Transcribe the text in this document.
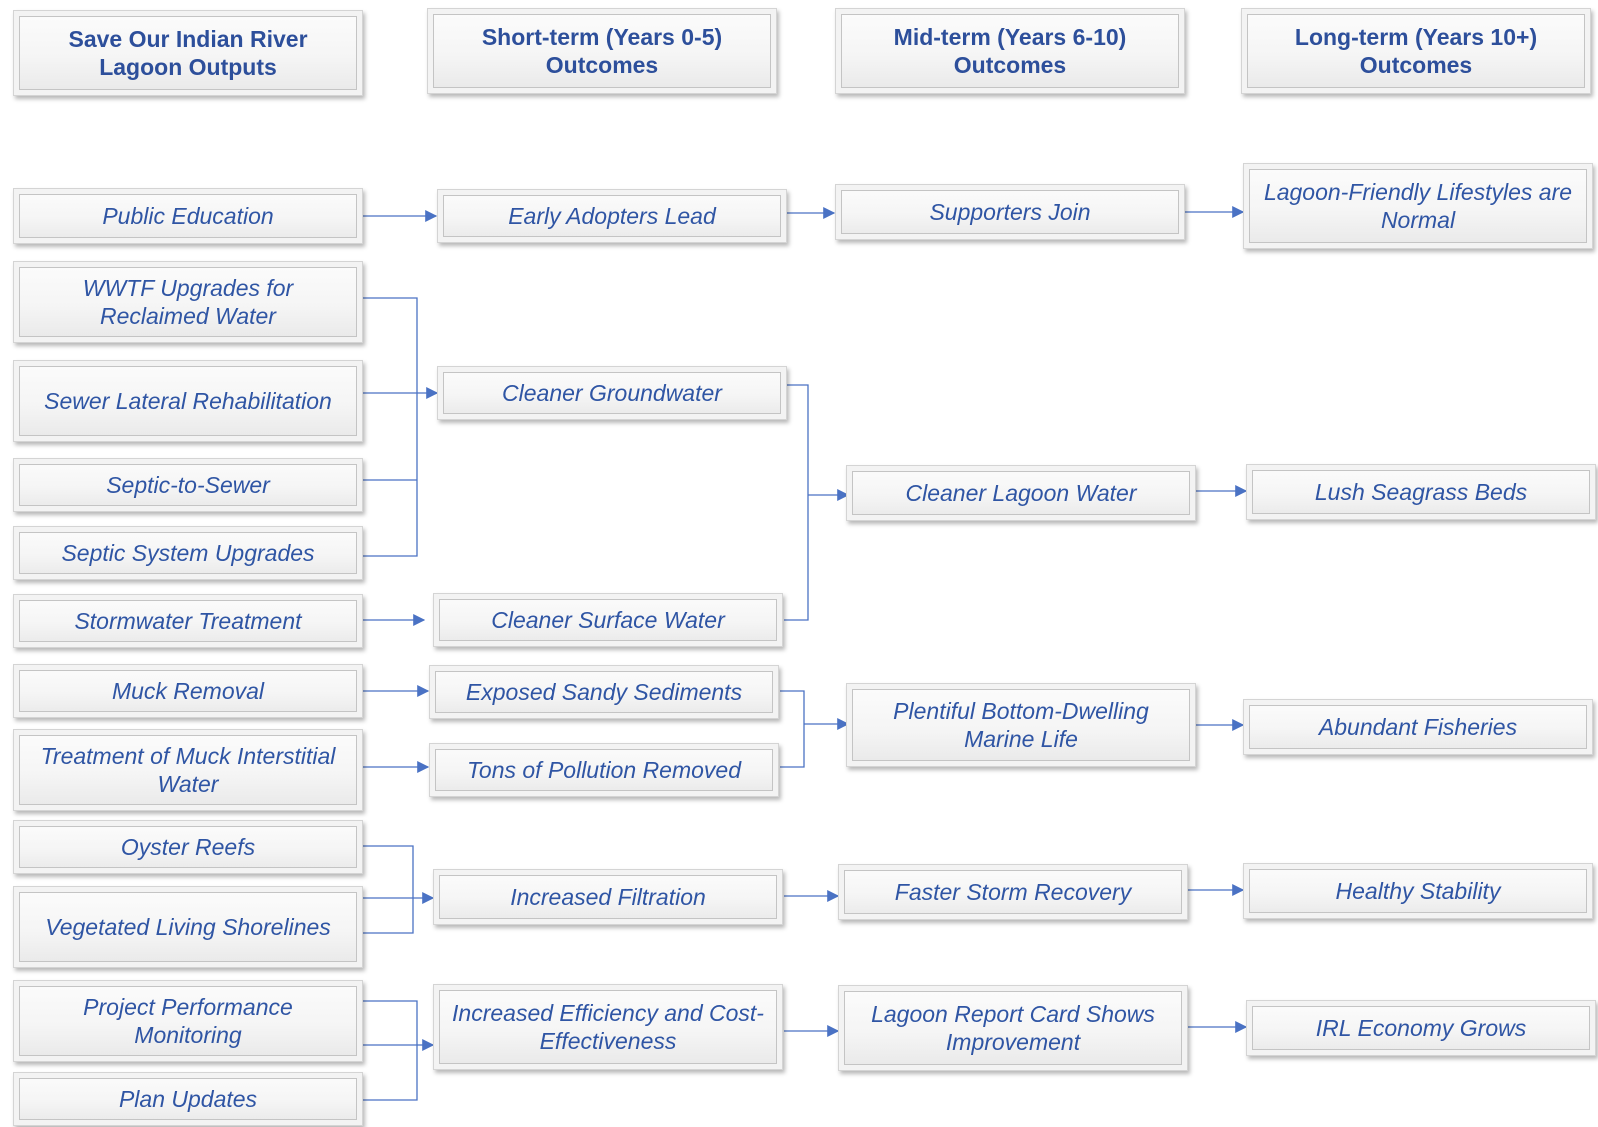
Save Our Indian River Lagoon Outputs
Short-term (Years 0-5) Outcomes
Mid-term (Years 6-10) Outcomes
Long-term (Years 10+) Outcomes
Public Education
WWTF Upgrades for Reclaimed Water
Sewer Lateral Rehabilitation
Septic-to-Sewer
Septic System Upgrades
Stormwater Treatment
Muck Removal
Treatment of Muck Interstitial Water
Oyster Reefs
Vegetated Living Shorelines
Project Performance Monitoring
Plan Updates
Early Adopters Lead
Cleaner Groundwater
Cleaner Surface Water
Exposed Sandy Sediments
Tons of Pollution Removed
Increased Filtration
Increased Efficiency and Cost-Effectiveness
Supporters Join
Cleaner Lagoon Water
Plentiful Bottom-Dwelling Marine Life
Faster Storm Recovery
Lagoon Report Card Shows Improvement
Lagoon-Friendly Lifestyles are Normal
Lush Seagrass Beds
Abundant Fisheries
Healthy Stability
IRL Economy Grows
